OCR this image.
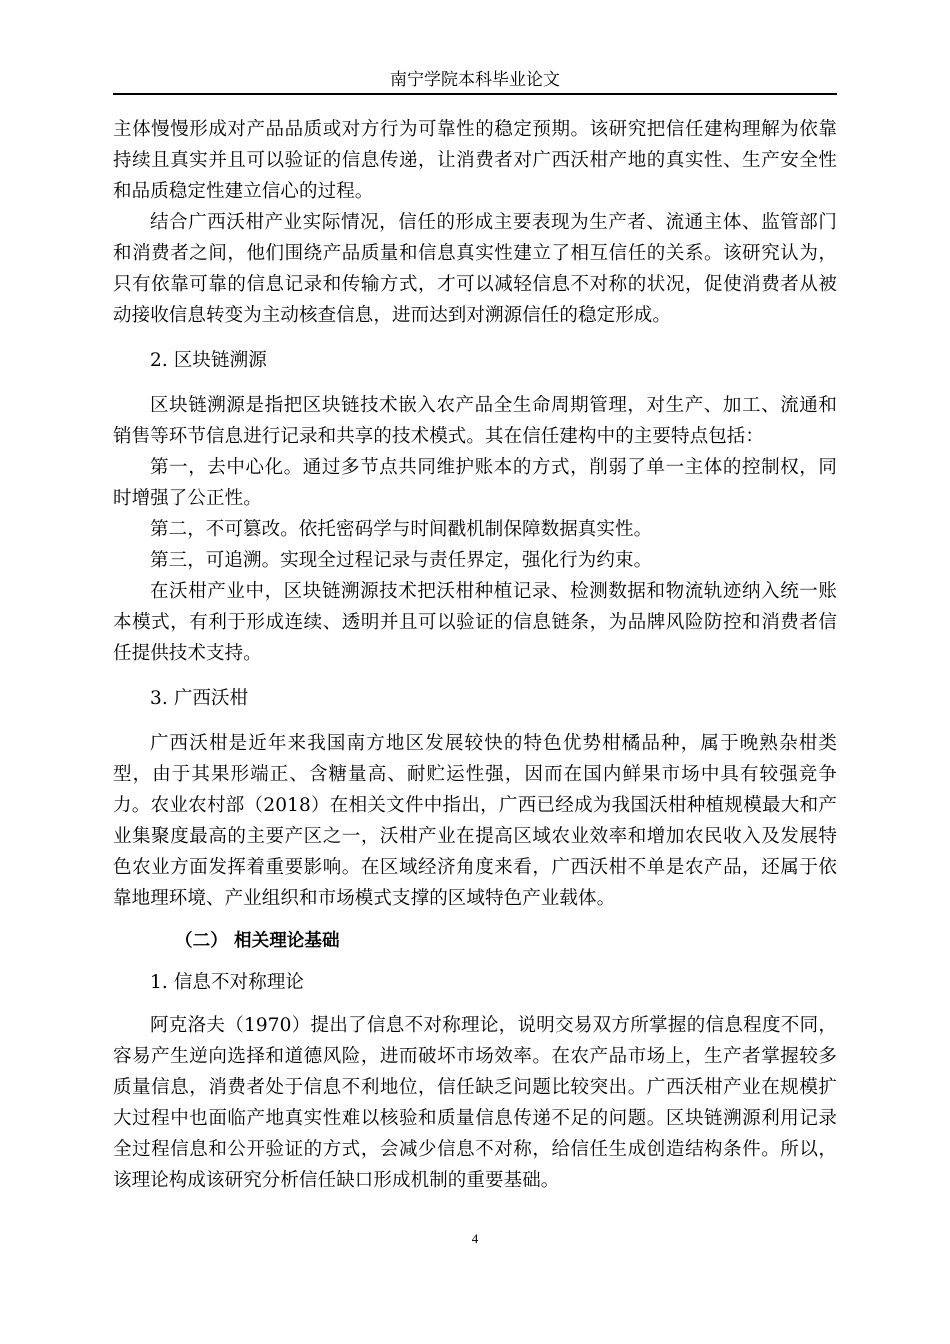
南宁学院本科毕业论文

主体慢慢形成对产品品质或对方行为可靠性的稳定预期。该研究把信任建构理解为依靠持续且真实并且可以验证的信息传递，让消费者对广西沃柑产地的真实性、生产安全性和品质稳定性建立信心的过程。

结合广西沃柑产业实际情况，信任的形成主要表现为生产者、流通主体、监管部门和消费者之间，他们围绕产品质量和信息真实性建立了相互信任的关系。该研究认为，只有依靠可靠的信息记录和传输方式，才可以减轻信息不对称的状况，促使消费者从被动接收信息转变为主动核查信息，进而达到对溯源信任的稳定形成。

2. 区块链溯源

区块链溯源是指把区块链技术嵌入农产品全生命周期管理，对生产、加工、流通和销售等环节信息进行记录和共享的技术模式。其在信任建构中的主要特点包括：

第一，去中心化。通过多节点共同维护账本的方式，削弱了单一主体的控制权，同时增强了公正性。

第二，不可篡改。依托密码学与时间戳机制保障数据真实性。

第三，可追溯。实现全过程记录与责任界定，强化行为约束。

在沃柑产业中，区块链溯源技术把沃柑种植记录、检测数据和物流轨迹纳入统一账本模式，有利于形成连续、透明并且可以验证的信息链条，为品牌风险防控和消费者信任提供技术支持。

3. 广西沃柑

广西沃柑是近年来我国南方地区发展较快的特色优势柑橘品种，属于晚熟杂柑类型，由于其果形端正、含糖量高、耐贮运性强，因而在国内鲜果市场中具有较强竞争力。农业农村部（2018）在相关文件中指出，广西已经成为我国沃柑种植规模最大和产业集聚度最高的主要产区之一，沃柑产业在提高区域农业效率和增加农民收入及发展特色农业方面发挥着重要影响。在区域经济角度来看，广西沃柑不单是农产品，还属于依靠地理环境、产业组织和市场模式支撑的区域特色产业载体。

（二） 相关理论基础

1. 信息不对称理论

阿克洛夫（1970）提出了信息不对称理论，说明交易双方所掌握的信息程度不同，容易产生逆向选择和道德风险，进而破坏市场效率。在农产品市场上，生产者掌握较多质量信息，消费者处于信息不利地位，信任缺乏问题比较突出。广西沃柑产业在规模扩大过程中也面临产地真实性难以核验和质量信息传递不足的问题。区块链溯源利用记录全过程信息和公开验证的方式，会减少信息不对称，给信任生成创造结构条件。所以，该理论构成该研究分析信任缺口形成机制的重要基础。

4
